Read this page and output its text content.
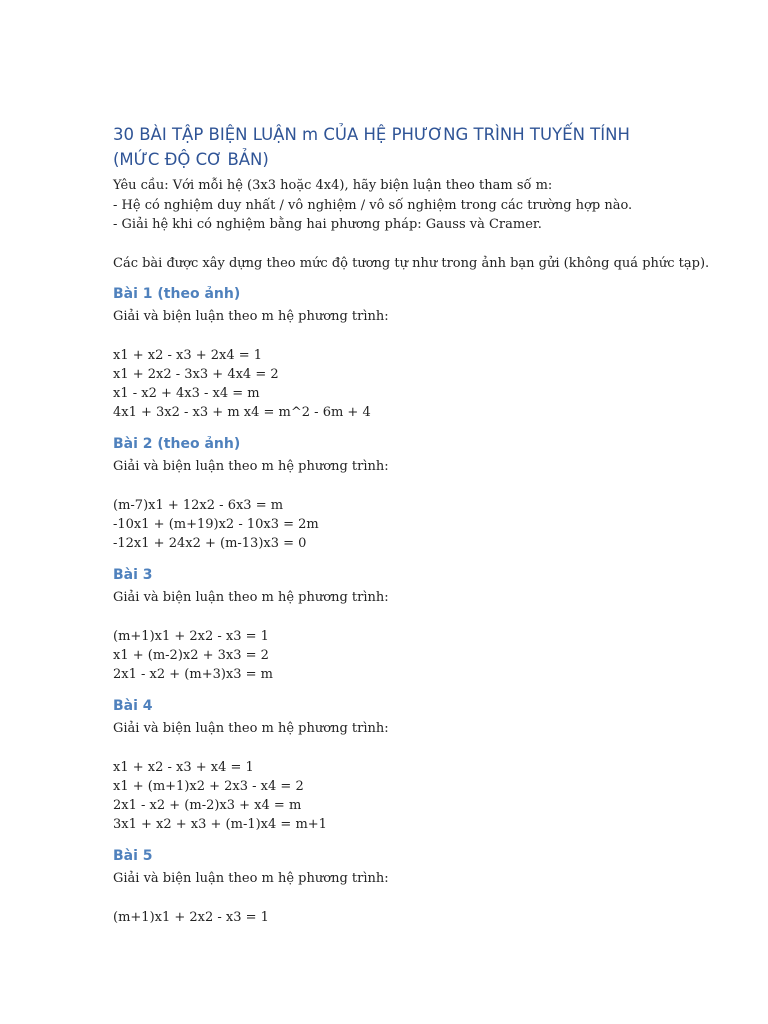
30 BÀI TẬP BIỆN LUẬN m CỦA HỆ PHƯƠNG TRÌNH TUYẾN TÍNH (MỨC ĐỘ CƠ BẢN)

Yêu cầu: Với mỗi hệ (3x3 hoặc 4x4), hãy biện luận theo tham số m:

- Hệ có nghiệm duy nhất / vô nghiệm / vô số nghiệm trong các trường hợp nào.

- Giải hệ khi có nghiệm bằng hai phương pháp: Gauss và Cramer.

Các bài được xây dựng theo mức độ tương tự như trong ảnh bạn gửi (không quá phức tạp).

Bài 1 (theo ảnh)

Giải và biện luận theo m hệ phương trình:

x1 + x2 - x3 + 2x4 = 1

x1 + 2x2 - 3x3 + 4x4 = 2

x1 - x2 + 4x3 - x4 = m

4x1 + 3x2 - x3 + m x4 = m^2 - 6m + 4

Bài 2 (theo ảnh)

Giải và biện luận theo m hệ phương trình:

(m-7)x1 + 12x2 - 6x3 = m

-10x1 + (m+19)x2 - 10x3 = 2m

-12x1 + 24x2 + (m-13)x3 = 0

Bài 3

Giải và biện luận theo m hệ phương trình:

(m+1)x1 + 2x2 - x3 = 1

x1 + (m-2)x2 + 3x3 = 2

2x1 - x2 + (m+3)x3 = m

Bài 4

Giải và biện luận theo m hệ phương trình:

x1 + x2 - x3 + x4 = 1

x1 + (m+1)x2 + 2x3 - x4 = 2

2x1 - x2 + (m-2)x3 + x4 = m

3x1 + x2 + x3 + (m-1)x4 = m+1

Bài 5

Giải và biện luận theo m hệ phương trình:

(m+1)x1 + 2x2 - x3 = 1
